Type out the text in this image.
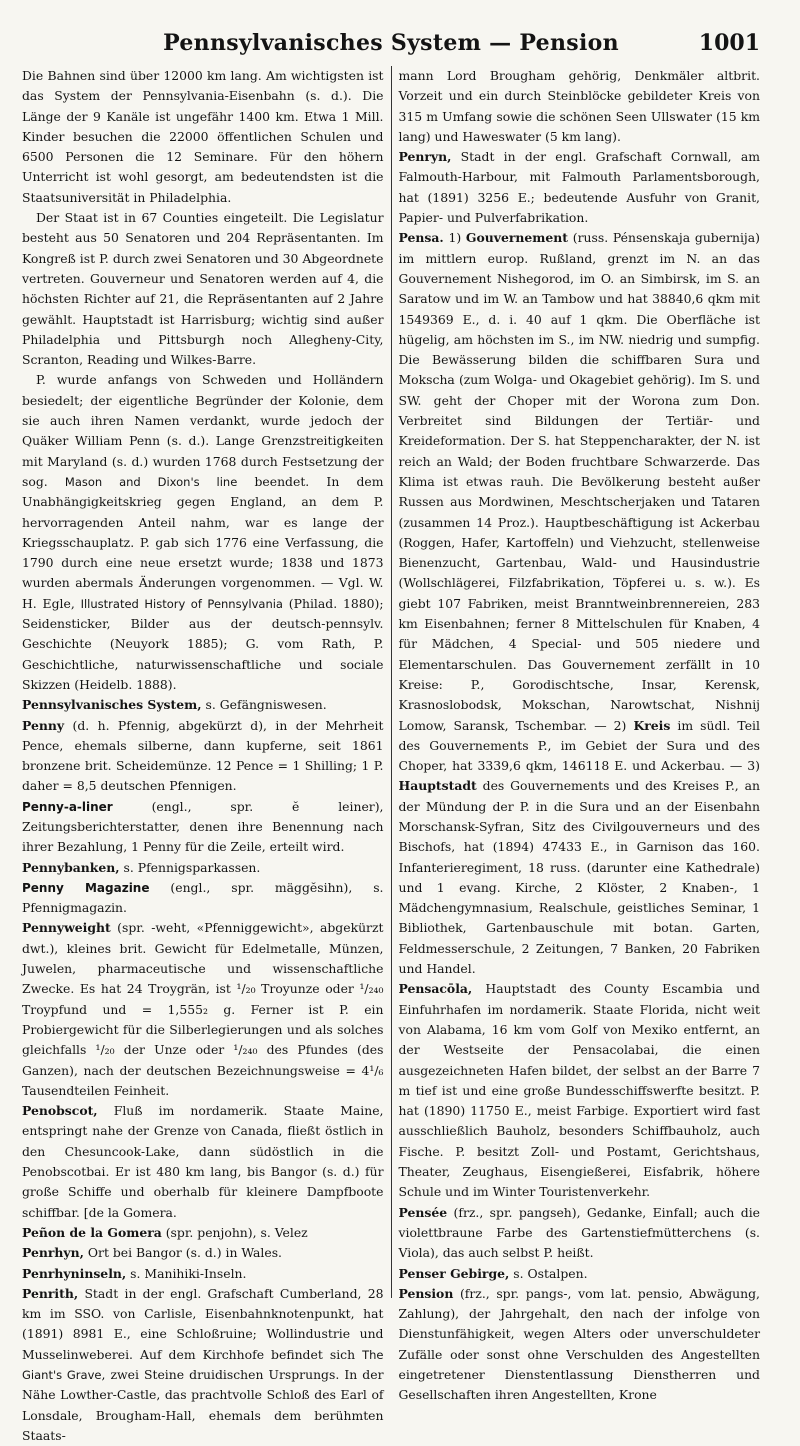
Pennsylvanisches System — Pension	1001

Die Bahnen sind über 12000 km lang. Am wichtigsten ist das System der Pennsylvania-Eisenbahn (s. d.). Die Länge der 9 Kanäle ist ungefähr 1400 km. Etwa 1 Mill. Kinder besuchen die 22000 öffentlichen Schulen und 6500 Personen die 12 Seminare. Für den höhern Unterricht ist wohl gesorgt, am bedeutendsten ist die Staatsuniversität in Philadelphia.

Der Staat ist in 67 Counties eingeteilt. Die Legislatur besteht aus 50 Senatoren und 204 Repräsentanten. Im Kongreß ist P. durch zwei Senatoren und 30 Abgeordnete vertreten. Gouverneur und Senatoren werden auf 4, die höchsten Richter auf 21, die Repräsentanten auf 2 Jahre gewählt. Hauptstadt ist Harrisburg; wichtig sind außer Philadelphia und Pittsburgh noch Allegheny-City, Scranton, Reading und Wilkes-Barre.

P. wurde anfangs von Schweden und Holländern besiedelt; der eigentliche Begründer der Kolonie, dem sie auch ihren Namen verdankt, wurde jedoch der Quäker William Penn (s. d.). Lange Grenzstreitigkeiten mit Maryland (s. d.) wurden 1768 durch Festsetzung der sog. Mason and Dixon's line beendet. In dem Unabhängigkeitskrieg gegen England, an dem P. hervorragenden Anteil nahm, war es lange der Kriegsschauplatz. P. gab sich 1776 eine Verfassung, die 1790 durch eine neue ersetzt wurde; 1838 und 1873 wurden abermals Änderungen vorgenommen. — Vgl. W. H. Egle, Illustrated History of Pennsylvania (Philad. 1880); Seidensticker, Bilder aus der deutsch-pennsylv. Geschichte (Neuyork 1885); G. vom Rath, P. Geschichtliche, naturwissenschaftliche und sociale Skizzen (Heidelb. 1888).

Pennsylvanisches System, s. Gefängniswesen.

Penny (d. h. Pfennig, abgekürzt d), in der Mehrheit Pence, ehemals silberne, dann kupferne, seit 1861 bronzene brit. Scheidemünze. 12 Pence = 1 Shilling; 1 P. daher = 8,5 deutschen Pfennigen.

Penny-a-liner (engl., spr. ĕ leiner), Zeitungsberichterstatter, denen ihre Benennung nach ihrer Bezahlung, 1 Penny für die Zeile, erteilt wird.

Pennybanken, s. Pfennigsparkassen.

Penny Magazine (engl., spr. mäggĕsihn), s. Pfennigmagazin.

Pennyweight (spr. -weht, «Pfenniggewicht», abgekürzt dwt.), kleines brit. Gewicht für Edelmetalle, Münzen, Juwelen, pharmaceutische und wissenschaftliche Zwecke. Es hat 24 Troygrän, ist ¹/₂₀ Troyunze oder ¹/₂₄₀ Troypfund und = 1,555₂ g. Ferner ist P. ein Probiergewicht für die Silberlegierungen und als solches gleichfalls ¹/₂₀ der Unze oder ¹/₂₄₀ des Pfundes (des Ganzen), nach der deutschen Bezeichnungsweise = 4¹/₆ Tausendteilen Feinheit.

Penobscot, Fluß im nordamerik. Staate Maine, entspringt nahe der Grenze von Canada, fließt östlich in den Chesuncook-Lake, dann südöstlich in die Penobscotbai. Er ist 480 km lang, bis Bangor (s. d.) für große Schiffe und oberhalb für kleinere Dampfboote schiffbar. [de la Gomera.

Peñon de la Gomera (spr. penjohn), s. Velez

Penrhyn, Ort bei Bangor (s. d.) in Wales.

Penrhyninseln, s. Manihiki-Inseln.

Penrith, Stadt in der engl. Grafschaft Cumberland, 28 km im SSO. von Carlisle, Eisenbahnknotenpunkt, hat (1891) 8981 E., eine Schloßruine; Wollindustrie und Musselinweberei. Auf dem Kirchhofe befindet sich The Giant's Grave, zwei Steine druidischen Ursprungs. In der Nähe Lowther-Castle, das prachtvolle Schloß des Earl of Lonsdale, Brougham-Hall, ehemals dem berühmten Staats-

mann Lord Brougham gehörig, Denkmäler altbrit. Vorzeit und ein durch Steinblöcke gebildeter Kreis von 315 m Umfang sowie die schönen Seen Ullswater (15 km lang) und Haweswater (5 km lang).

Penryn, Stadt in der engl. Grafschaft Cornwall, am Falmouth-Harbour, mit Falmouth Parlamentsborough, hat (1891) 3256 E.; bedeutende Ausfuhr von Granit, Papier- und Pulverfabrikation.

Pensa. 1) Gouvernement (russ. Pénsenskaja gubernija) im mittlern europ. Rußland, grenzt im N. an das Gouvernement Nishegorod, im O. an Simbirsk, im S. an Saratow und im W. an Tambow und hat 38840,6 qkm mit 1549369 E., d. i. 40 auf 1 qkm. Die Oberfläche ist hügelig, am höchsten im S., im NW. niedrig und sumpfig. Die Bewässerung bilden die schiffbaren Sura und Mokscha (zum Wolga- und Okagebiet gehörig). Im S. und SW. geht der Choper mit der Worona zum Don. Verbreitet sind Bildungen der Tertiär- und Kreideformation. Der S. hat Steppencharakter, der N. ist reich an Wald; der Boden fruchtbare Schwarzerde. Das Klima ist etwas rauh. Die Bevölkerung besteht außer Russen aus Mordwinen, Meschtscherjaken und Tataren (zusammen 14 Proz.). Hauptbeschäftigung ist Ackerbau (Roggen, Hafer, Kartoffeln) und Viehzucht, stellenweise Bienenzucht, Gartenbau, Wald- und Hausindustrie (Wollschlägerei, Filzfabrikation, Töpferei u. s. w.). Es giebt 107 Fabriken, meist Branntweinbrennereien, 283 km Eisenbahnen; ferner 8 Mittelschulen für Knaben, 4 für Mädchen, 4 Special- und 505 niedere und Elementarschulen. Das Gouvernement zerfällt in 10 Kreise: P., Gorodischtsche, Insar, Kerensk, Krasnoslobodsk, Mokschan, Narowtschat, Nishnij Lomow, Saransk, Tschembar. — 2) Kreis im südl. Teil des Gouvernements P., im Gebiet der Sura und des Choper, hat 3339,6 qkm, 146118 E. und Ackerbau. — 3) Hauptstadt des Gouvernements und des Kreises P., an der Mündung der P. in die Sura und an der Eisenbahn Morschansk-Syfran, Sitz des Civilgouverneurs und des Bischofs, hat (1894) 47433 E., in Garnison das 160. Infanterieregiment, 18 russ. (darunter eine Kathedrale) und 1 evang. Kirche, 2 Klöster, 2 Knaben-, 1 Mädchengymnasium, Realschule, geistliches Seminar, 1 Bibliothek, Gartenbauschule mit botan. Garten, Feldmesserschule, 2 Zeitungen, 7 Banken, 20 Fabriken und Handel.

Pensacōla, Hauptstadt des County Escambia und Einfuhrhafen im nordamerik. Staate Florida, nicht weit von Alabama, 16 km vom Golf von Mexiko entfernt, an der Westseite der Pensacolabai, die einen ausgezeichneten Hafen bildet, der selbst an der Barre 7 m tief ist und eine große Bundesschiffswerfte besitzt. P. hat (1890) 11750 E., meist Farbige. Exportiert wird fast ausschließlich Bauholz, besonders Schiffbauholz, auch Fische. P. besitzt Zoll- und Postamt, Gerichtshaus, Theater, Zeughaus, Eisengießerei, Eisfabrik, höhere Schule und im Winter Touristenverkehr.

Pensée (frz., spr. pangseh), Gedanke, Einfall; auch die violettbraune Farbe des Gartenstiefmütterchens (s. Viola), das auch selbst P. heißt.

Penser Gebirge, s. Ostalpen.

Pension (frz., spr. pangs-, vom lat. pensio, Abwägung, Zahlung), der Jahrgehalt, den nach der infolge von Dienstunfähigkeit, wegen Alters oder unverschuldeter Zufälle oder sonst ohne Verschulden des Angestellten eingetretener Dienstentlassung Dienstherren und Gesellschaften ihren Angestellten, Krone
